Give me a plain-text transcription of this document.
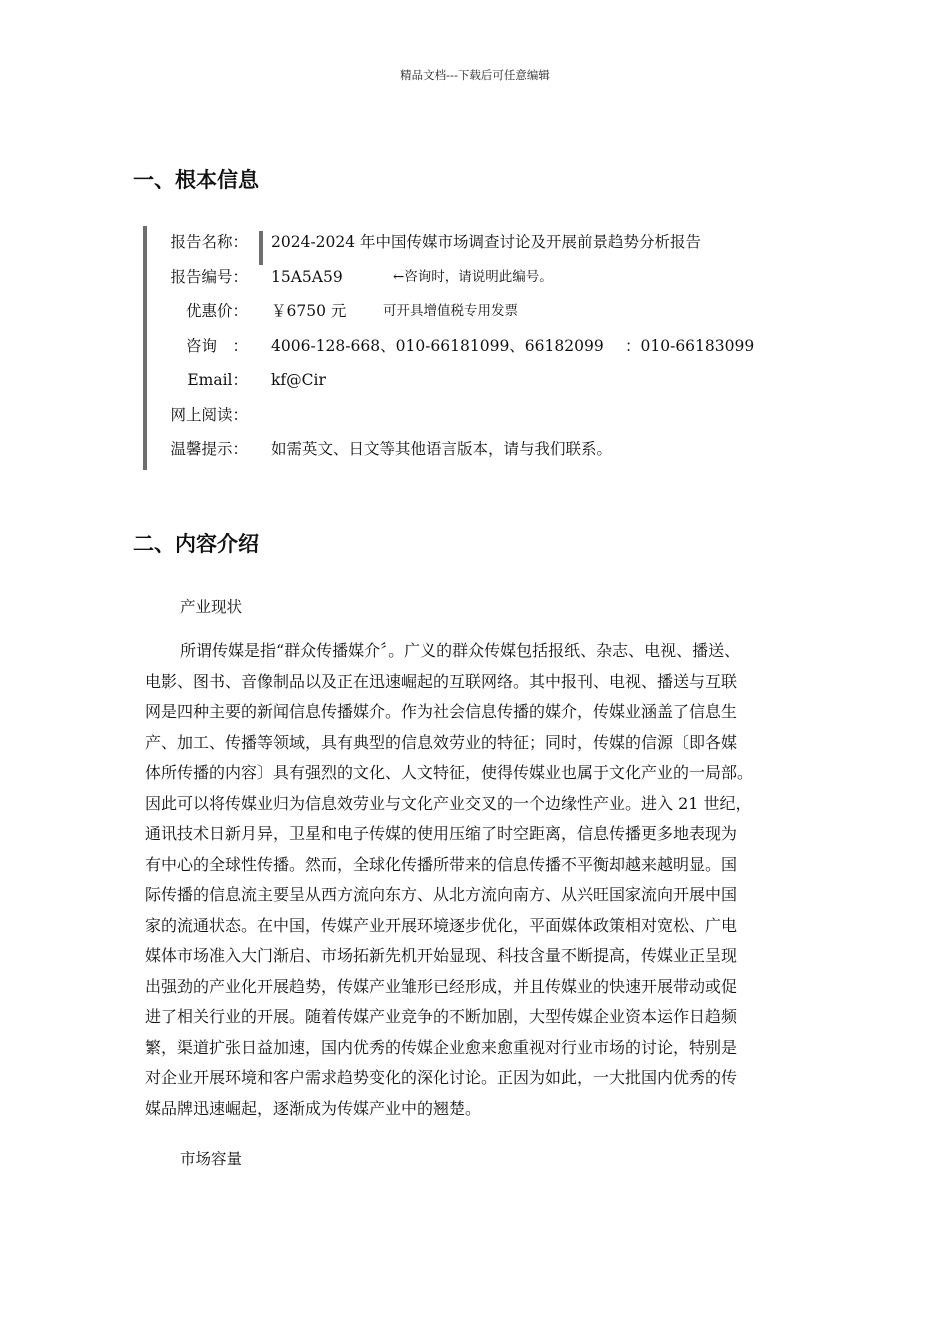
精品文档---下载后可任意编辑
一、根本信息
报告名称： 2024-2024 年中国传媒市场调查讨论及开展前景趋势分析报告
报告编号： 15A5A59	←咨询时，请说明此编号。
优惠价： ￥6750 元	可开具增值税专用发票
咨询　： 4006-128-668、010-66181099、66182099 ：010-66183099
Email： kf@Cir
网上阅读：
温馨提示： 如需英文、日文等其他语言版本，请与我们联系。
二、内容介绍

产业现状

所谓传媒是指“群众传播媒介〞。广义的群众传媒包括报纸、杂志、电视、播送、
电影、图书、音像制品以及正在迅速崛起的互联网络。其中报刊、电视、播送与互联
网是四种主要的新闻信息传播媒介。作为社会信息传播的媒介，传媒业涵盖了信息生
产、加工、传播等领域，具有典型的信息效劳业的特征；同时，传媒的信源〔即各媒
体所传播的内容〕具有强烈的文化、人文特征，使得传媒业也属于文化产业的一局部。
因此可以将传媒业归为信息效劳业与文化产业交叉的一个边缘性产业。进入 21 世纪，
通讯技术日新月异，卫星和电子传媒的使用压缩了时空距离，信息传播更多地表现为
有中心的全球性传播。然而，全球化传播所带来的信息传播不平衡却越来越明显。国
际传播的信息流主要呈从西方流向东方、从北方流向南方、从兴旺国家流向开展中国
家的流通状态。在中国，传媒产业开展环境逐步优化，平面媒体政策相对宽松、广电
媒体市场准入大门渐启、市场拓新先机开始显现、科技含量不断提高，传媒业正呈现
出强劲的产业化开展趋势，传媒产业雏形已经形成，并且传媒业的快速开展带动或促
进了相关行业的开展。随着传媒产业竞争的不断加剧，大型传媒企业资本运作日趋频
繁，渠道扩张日益加速，国内优秀的传媒企业愈来愈重视对行业市场的讨论，特别是
对企业开展环境和客户需求趋势变化的深化讨论。正因为如此，一大批国内优秀的传
媒品牌迅速崛起，逐渐成为传媒产业中的翘楚。

市场容量
